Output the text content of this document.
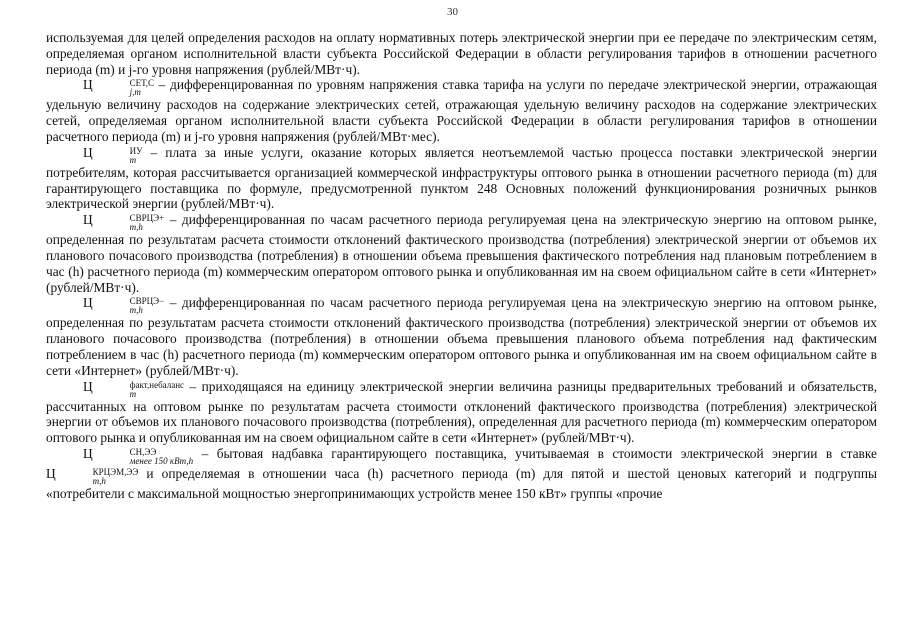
30

используемая для целей определения расходов на оплату нормативных потерь электрической энергии при ее передаче по электрическим сетям, определяемая органом исполнительной власти субъекта Российской Федерации в области регулирования тарифов в отношении расчетного периода (m) и j-го уровня напряжения (рублей/МВт·ч).

Ц	СЕТ,С
j,m – дифференцированная по уровням напряжения ставка тарифа на услуги по передаче электрической энергии, отражающая удельную величину расходов на содержание электрических сетей, отражающая удельную величину расходов на содержание электрических сетей, определяемая органом исполнительной власти субъекта Российской Федерации в области регулирования тарифов в отношении расчетного периода (m) и j-го уровня напряжения (рублей/МВт·мес).

Ц	ИУ
m – плата за иные услуги, оказание которых является неотъемлемой частью процесса поставки электрической энергии потребителям, которая рассчитывается организацией коммерческой инфраструктуры оптового рынка в отношении расчетного периода (m) для гарантирующего поставщика по формуле, предусмотренной пунктом 248 Основных положений функционирования розничных рынков электрической энергии (рублей/МВт·ч).

Ц	СВРЦЭ+
m,h	– дифференцированная по часам расчетного периода регулируемая цена на электрическую энергию на оптовом рынке, определенная по результатам расчета стоимости отклонений фактического производства (потребления) электрической энергии от объемов их планового почасового производства (потребления) в отношении объема превышения фактического потребления над плановым потреблением в час (h) расчетного периода (m) коммерческим оператором оптового рынка и опубликованная им на своем официальном сайте в сети «Интернет» (рублей/МВт·ч).

Ц	СВРЦЭ−
m,h	– дифференцированная по часам расчетного периода регулируемая цена на электрическую энергию на оптовом рынке, определенная по результатам расчета стоимости отклонений фактического производства (потребления) электрической энергии от объемов их планового почасового производства (потребления) в отношении объема превышения планового объема потребления над фактическим потреблением в час (h) расчетного периода (m) коммерческим оператором оптового рынка и опубликованная им на своем официальном сайте в сети «Интернет» (рублей/МВт·ч).

Ц	факт,небаланс
m	– приходящаяся на единицу электрической энергии величина разницы предварительных требований и обязательств, рассчитанных на оптовом рынке по результатам расчета стоимости отклонений фактического производства (потребления) электрической энергии от объемов их планового почасового производства (потребления), определенная для расчетного периода (m) коммерческим оператором оптового рынка и опубликованная им на своем официальном сайте в сети «Интернет» (рублей/МВт·ч).

Ц	СН,ЭЭ
менее 150 кВт,h – бытовая надбавка гарантирующего поставщика, учитываемая в стоимости электрической энергии в ставке Ц	КРЦЭМ,ЭЭ
m,h	и определяемая в отношении часа (h) расчетного периода (m) для пятой и шестой ценовых категорий и подгруппы «потребители с максимальной мощностью энергопринимающих устройств менее 150 кВт» группы «прочие
